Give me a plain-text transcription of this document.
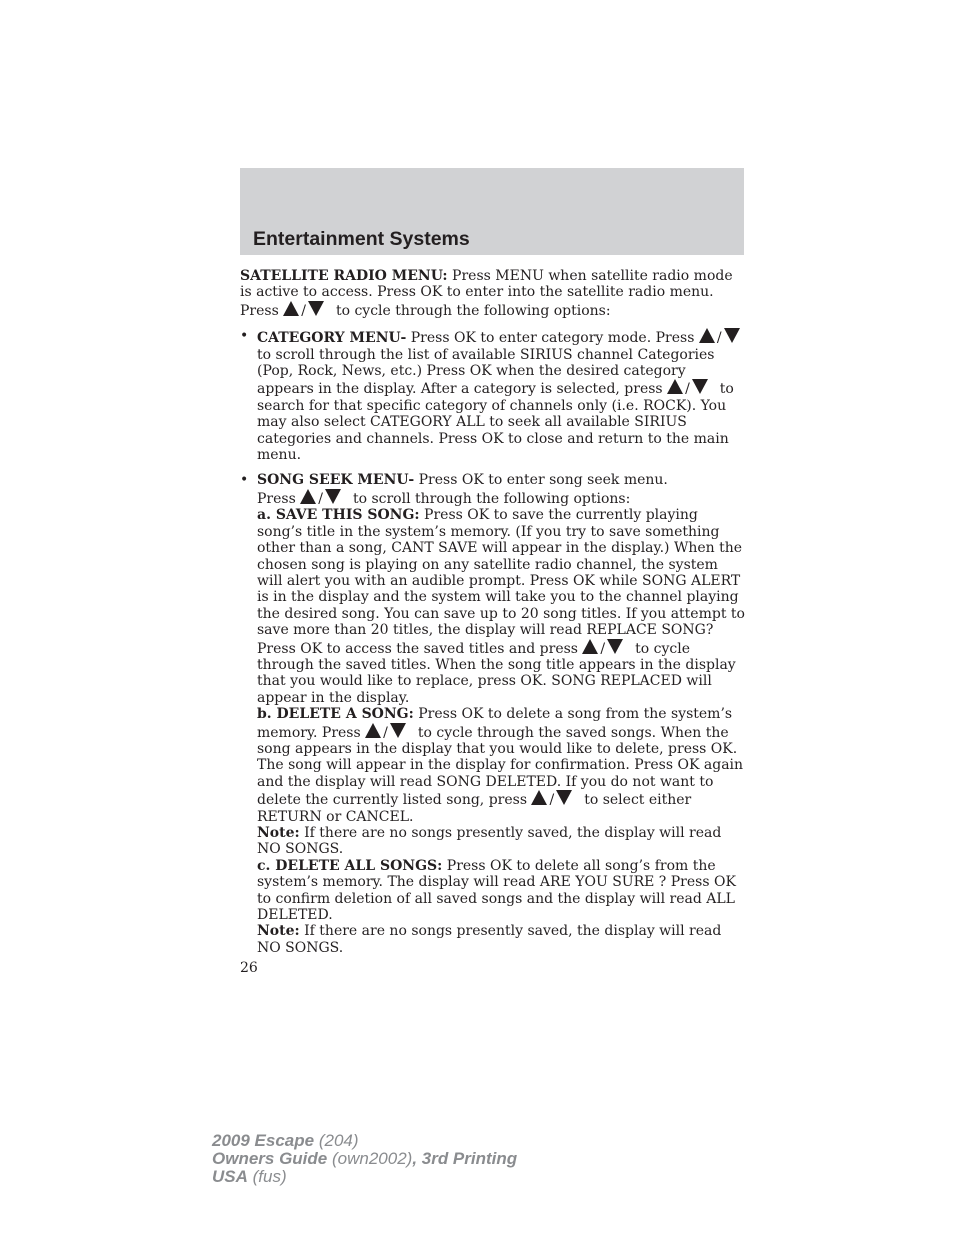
Entertainment Systems

SATELLITE RADIO MENU: Press MENU when satellite radio mode is active to access. Press OK to enter into the satellite radio menu.
Press / to cycle through the following options:

• CATEGORY MENU- Press OK to enter category mode. Press / to scroll through the list of available SIRIUS channel Categories (Pop, Rock, News, etc.) Press OK when the desired category appears in the display. After a category is selected, press / to search for that specific category of channels only (i.e. ROCK). You may also select CATEGORY ALL to seek all available SIRIUS categories and channels. Press OK to close and return to the main menu.
• SONG SEEK MENU- Press OK to enter song seek menu.
Press / to scroll through the following options:

a. SAVE THIS SONG: Press OK to save the currently playing song’s title in the system’s memory. (If you try to save something other than a song, CANT SAVE will appear in the display.) When the chosen song is playing on any satellite radio channel, the system will alert you with an audible prompt. Press OK while SONG ALERT is in the display and the system will take you to the channel playing the desired song. You can save up to 20 song titles. If you attempt to save more than 20 titles, the display will read REPLACE SONG? Press OK to access the saved titles and press / to cycle through the saved titles. When the song title appears in the display that you would like to replace, press OK. SONG REPLACED will appear in the display.

b. DELETE A SONG: Press OK to delete a song from the system’s memory. Press / to cycle through the saved songs. When the song appears in the display that you would like to delete, press OK. The song will appear in the display for confirmation. Press OK again and the display will read SONG DELETED. If you do not want to delete the currently listed song, press / to select either RETURN or CANCEL.

Note: If there are no songs presently saved, the display will read NO SONGS.

c. DELETE ALL SONGS: Press OK to delete all song’s from the system’s memory. The display will read ARE YOU SURE ? Press OK to confirm deletion of all saved songs and the display will read ALL DELETED.

Note: If there are no songs presently saved, the display will read NO SONGS.

26
2009 Escape (204)
Owners Guide (own2002), 3rd Printing
USA (fus)
